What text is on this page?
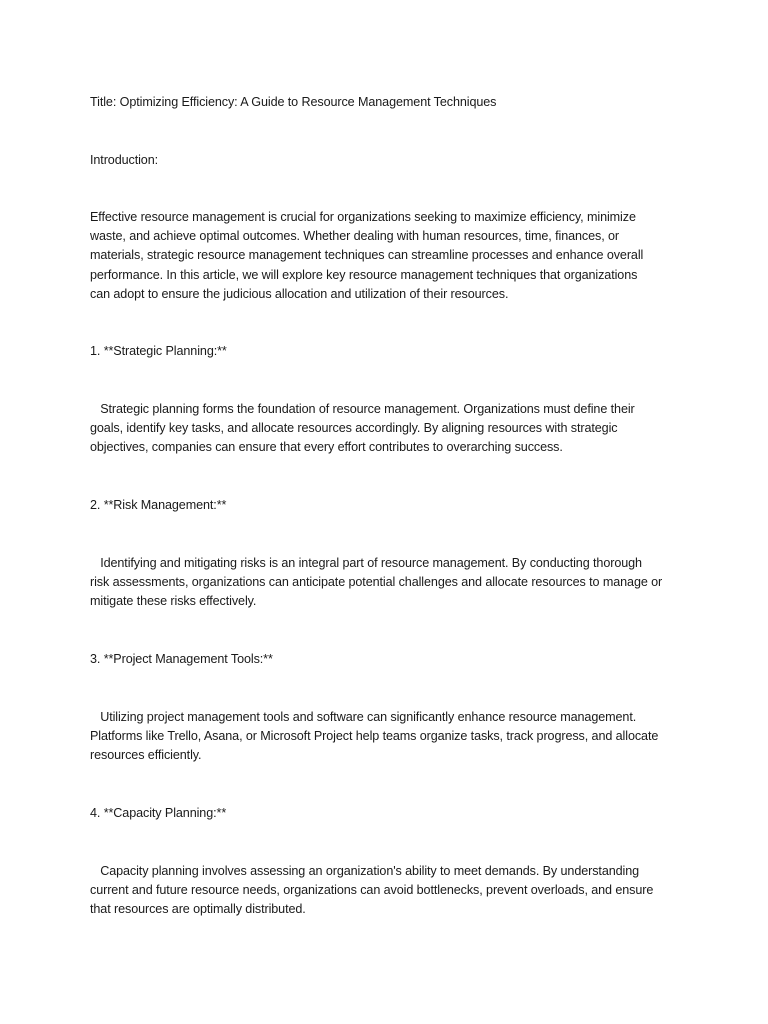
Title: Optimizing Efficiency: A Guide to Resource Management Techniques
Introduction:
Effective resource management is crucial for organizations seeking to maximize efficiency, minimize
waste, and achieve optimal outcomes. Whether dealing with human resources, time, finances, or
materials, strategic resource management techniques can streamline processes and enhance overall
performance. In this article, we will explore key resource management techniques that organizations
can adopt to ensure the judicious allocation and utilization of their resources.
1. **Strategic Planning:**
Strategic planning forms the foundation of resource management. Organizations must define their
goals, identify key tasks, and allocate resources accordingly. By aligning resources with strategic
objectives, companies can ensure that every effort contributes to overarching success.
2. **Risk Management:**
Identifying and mitigating risks is an integral part of resource management. By conducting thorough
risk assessments, organizations can anticipate potential challenges and allocate resources to manage or
mitigate these risks effectively.
3. **Project Management Tools:**
Utilizing project management tools and software can significantly enhance resource management.
Platforms like Trello, Asana, or Microsoft Project help teams organize tasks, track progress, and allocate
resources efficiently.
4. **Capacity Planning:**
Capacity planning involves assessing an organization's ability to meet demands. By understanding
current and future resource needs, organizations can avoid bottlenecks, prevent overloads, and ensure
that resources are optimally distributed.
